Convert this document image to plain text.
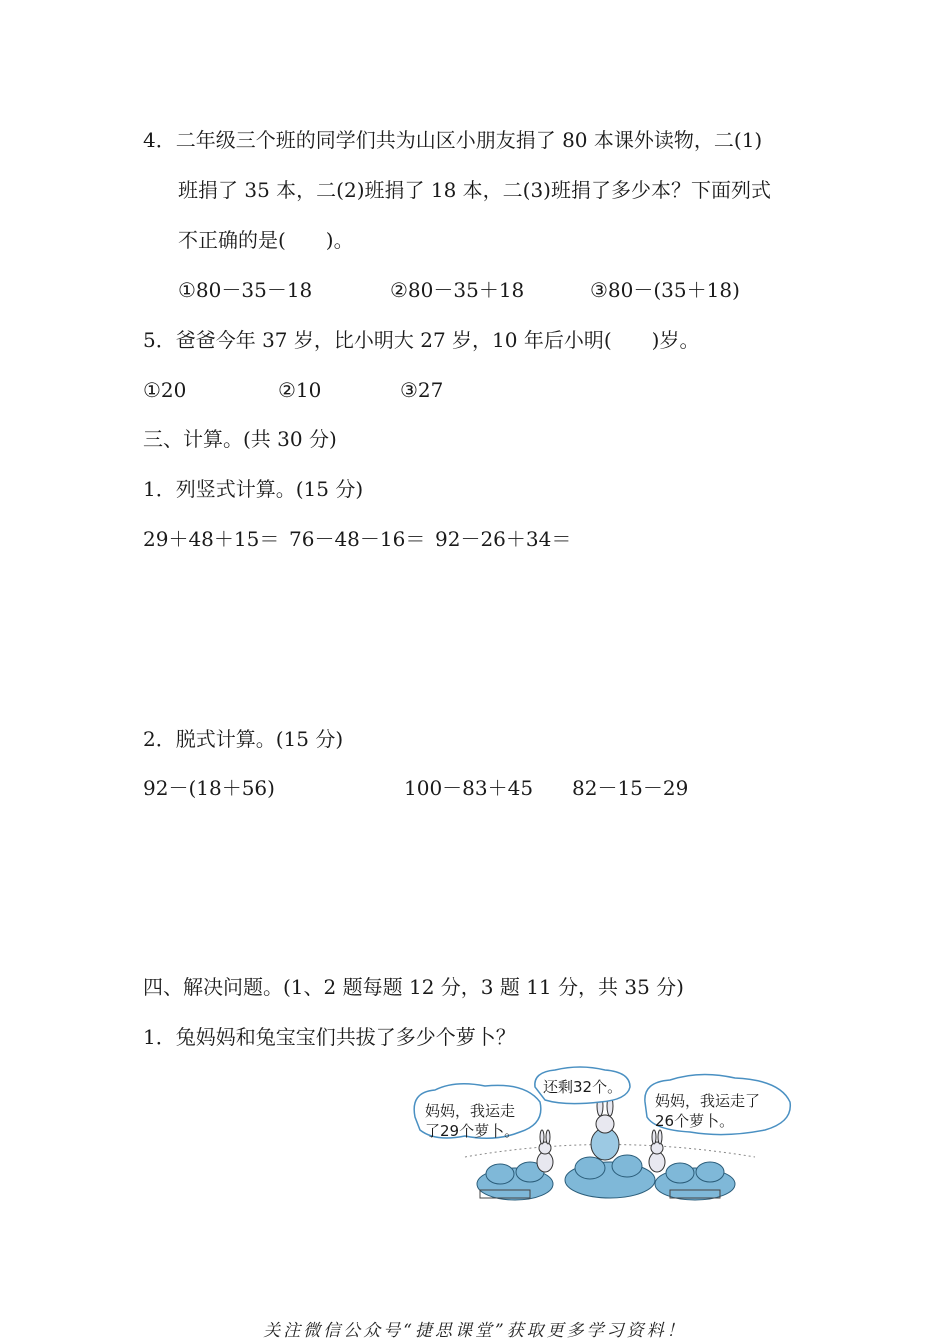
4．二年级三个班的同学们共为山区小朋友捐了 80 本课外读物，二(1)
班捐了 35 本，二(2)班捐了 18 本，二(3)班捐了多少本？下面列式
不正确的是(　　)。
①80－35－18	②80－35＋18	③80－(35＋18)
5．爸爸今年 37 岁，比小明大 27 岁，10 年后小明(　　)岁。
①20	②10	③27
三、计算。(共 30 分)
1．列竖式计算。(15 分)
29＋48＋15＝ 76－48－16＝ 92－26＋34＝
2．脱式计算。(15 分)
92－(18＋56)	100－83＋45 82－15－29
四、解决问题。(1、2 题每题 12 分，3 题 11 分，共 35 分)
1．兔妈妈和兔宝宝们共拔了多少个萝卜？
妈妈，我运走
了29个萝卜。
还剩32个。
妈妈，我运走了
26个萝卜。
关注微信公众号“捷思课堂”获取更多学习资料！
